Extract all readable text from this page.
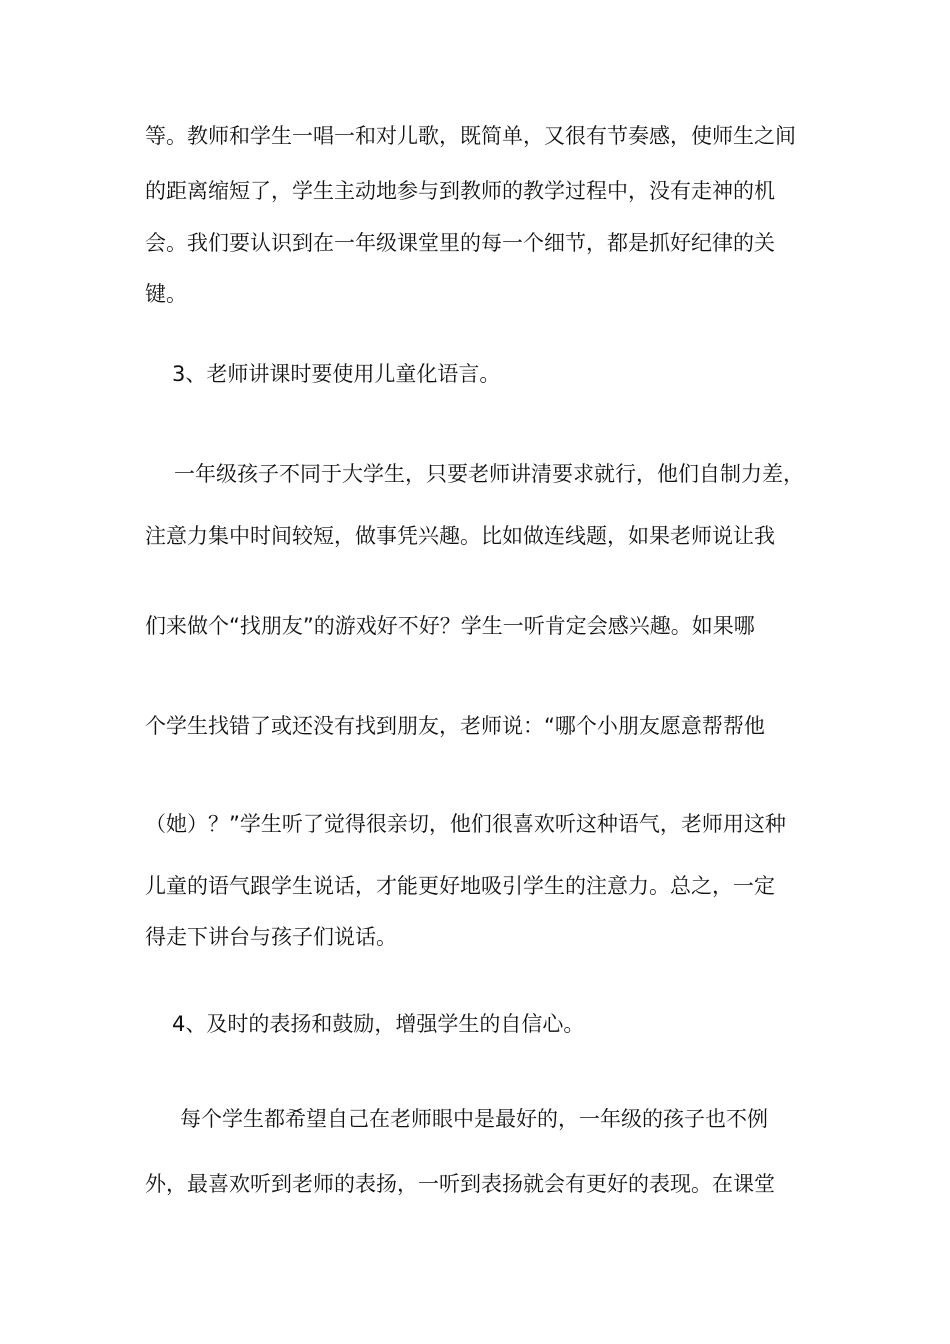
等。教师和学生一唱一和对儿歌，既简单，又很有节奏感，使师生之间
的距离缩短了，学生主动地参与到教师的教学过程中，没有走神的机
会。我们要认识到在一年级课堂里的每一个细节，都是抓好纪律的关
键。
3、老师讲课时要使用儿童化语言。
一年级孩子不同于大学生，只要老师讲清要求就行，他们自制力差，
注意力集中时间较短，做事凭兴趣。比如做连线题，如果老师说让我
们来做个“找朋友”的游戏好不好？学生一听肯定会感兴趣。如果哪
个学生找错了或还没有找到朋友，老师说：“哪个小朋友愿意帮帮他
（她）？”学生听了觉得很亲切，他们很喜欢听这种语气，老师用这种
儿童的语气跟学生说话，才能更好地吸引学生的注意力。总之，一定
得走下讲台与孩子们说话。
4、及时的表扬和鼓励，增强学生的自信心。
每个学生都希望自己在老师眼中是最好的，一年级的孩子也不例
外，最喜欢听到老师的表扬，一听到表扬就会有更好的表现。在课堂
